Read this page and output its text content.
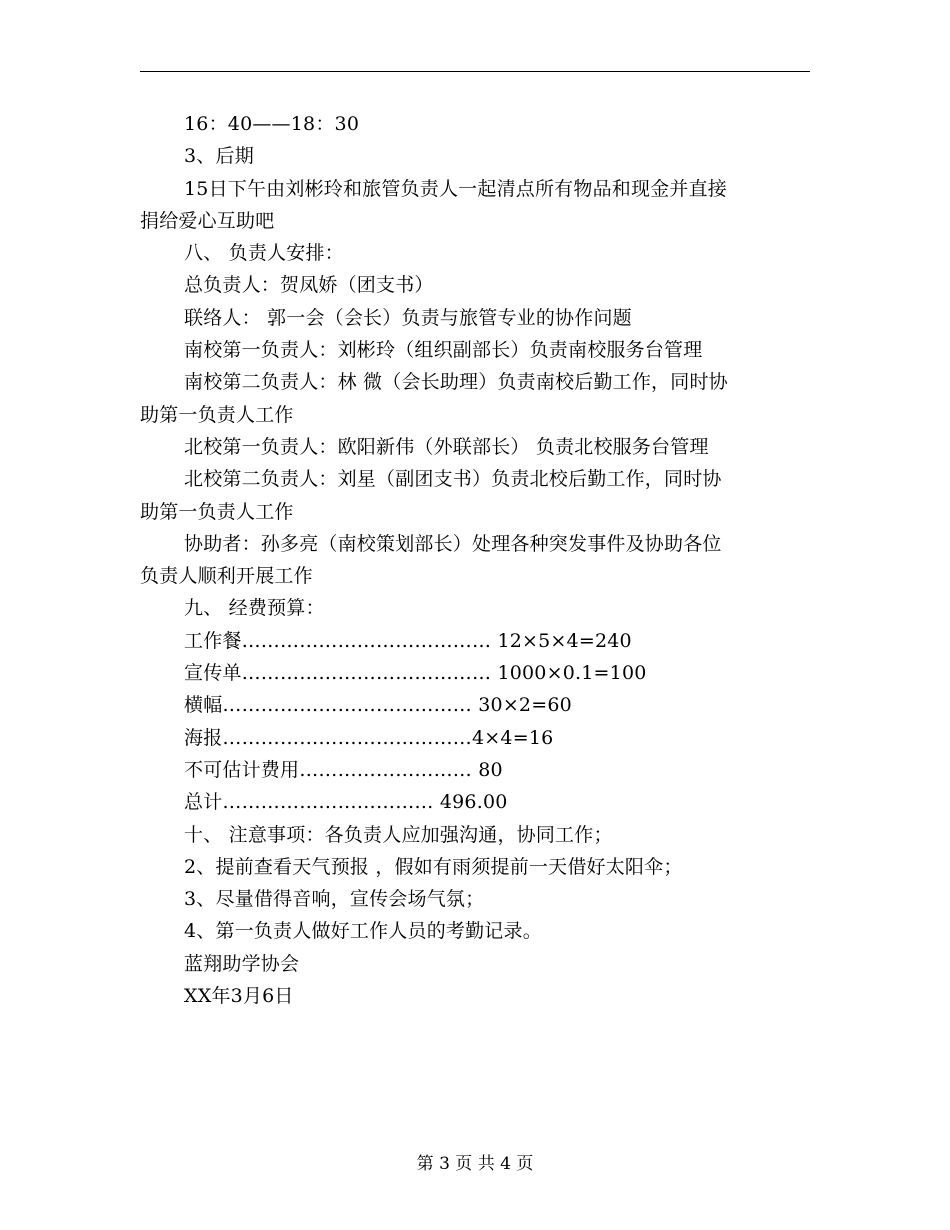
16：40——18：30
3、后期
15日下午由刘彬玲和旅管负责人一起清点所有物品和现金并直接
捐给爱心互助吧
八、 负责人安排：
总负责人：贺凤娇（团支书）
联络人： 郭一会（会长）负责与旅管专业的协作问题
南校第一负责人：刘彬玲（组织副部长）负责南校服务台管理
南校第二负责人：林 微（会长助理）负责南校后勤工作，同时协
助第一负责人工作
北校第一负责人：欧阳新伟（外联部长） 负责北校服务台管理
北校第二负责人：刘星（副团支书）负责北校后勤工作，同时协
助第一负责人工作
协助者：孙多亮（南校策划部长）处理各种突发事件及协助各位
负责人顺利开展工作
九、 经费预算：
工作餐………………………………… 12×5×4=240
宣传单………………………………… 1000×0.1=100
横幅………………………………… 30×2=60
海报…………………………………4×4=16
不可估计费用……………………… 80
总计…………………………… 496.00
十、 注意事项：各负责人应加强沟通，协同工作；
2、提前查看天气预报 ，假如有雨须提前一天借好太阳伞；
3、尽量借得音响，宣传会场气氛；
4、第一负责人做好工作人员的考勤记录。
蓝翔助学协会
XX年3月6日
第 3 页 共 4 页
